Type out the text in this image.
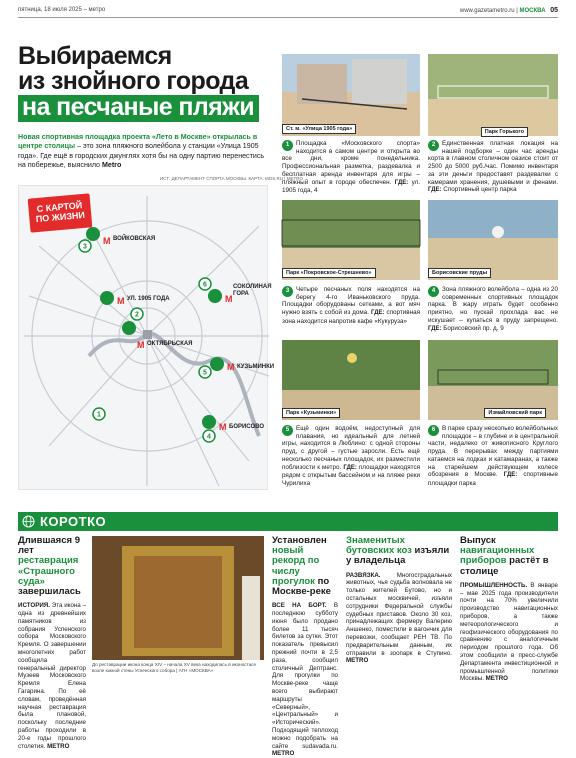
пятница, 18 июля 2025 – метро	www.gazetametro.ru | МОСКВА 05
Выбираемся
из знойного города
на песчаные пляжи
Новая спортивная площадка проекта «Лето в Москве» открылась в центре столицы – это зона пляжного волейбола у станции «Улица 1905 года». Где ещё в городских джунглях хотя бы на одну партию перенестись на побережье, выяснило Metro
ИСТ: ДЕПАРТАМЕНТ СПОРТА МОСКВЫ. КАРТА: MOS.RU | METRO
1
2
3
4
5
6
M
M
M
M
M
M
С КАРТОЙ ПО ЖИЗНИ
ВОЙКОВСКАЯ
УЛ. 1905 ГОДА
ОКТЯБРЬСКАЯ
СОКОЛИНАЯ ГОРА
КУЗЬМИНКИ
БОРИСОВО
Ст. м. «Улица 1905 года»
1	Площадка «Московского спорта» находится в самом центре и открыта во все дни, кроме понедельника. Профессиональная разметка, раздевалка и бесплатная аренда инвентаря для игры – пляжный опыт в городе обеспечен. ГДЕ: ул. 1905 года, 4
Парк Горького
2	Единственная платная локация на нашей подборке – один час аренды корта в главном столичном оазисе стоит от 2500 до 5000 руб./час. Помимо инвентаря за эти деньги предоставят раздевалки с камерами хранения, душевыми и фенами. ГДЕ: Спортивный центр парка
Парк «Покровское-Стрешнево»
3	Четыре песчаных поля находятся на берегу 4-го Иваньковского пруда. Площадки оборудованы сетками, а вот мяч нужно взять с собой из дома. ГДЕ: спортивная зона находится напротив кафе «Кукуруза»
Борисовские пруды
4	Зона пляжного волейбола – одна из 20 современных спортивных площадок парка. В жару играть будет особенно приятно, но пускай прохлада вас не искушает – купаться в пруду запрещено. ГДЕ: Борисовский пр. д. 9
Парк «Кузьминки»
5	Ещё один водоём, недоступный для плавания, но идеальный для летней игры, находится в Люблино: с одной стороны пруд, с другой – густые заросли. Есть ещё несколько песчаных площадок, их разместили поблизости к метро. ГДЕ: площадки находятся рядом с открытым бассейном и на пляже реки Чурилиха
Измайловский парк
6	В парке сразу несколько волейбольных площадок – в глубине и в центральной части, недалеко от живописного Круглого пруда. В перерывах между партиями катаемся на лодках и катамаранах, а также на старейшем действующем колесе обозрения в Москве. ГДЕ: спортивные площадки парка
КОРОТКО
Длившаяся 9 лет реставрация «Страшного суда» завершилась
ИСТОРИЯ. Эта икона – одна из древнейших памятников из собрания Успенского собора Московского Кремля. О завершении многолетних работ сообщила генеральный директор Музеев Московского Кремля Елена Гагарина. По её словам, проведённая научная реставрация была плановой, поскольку последние работы проходили в 20-е годы прошлого столетия. METRO
До реставрации икона конца XIV – начала XV века находилась в иконостасе возле южной стены Успенского собора | АГН «МОСКВА»
Установлен новый рекорд по числу прогулок по Москве-реке
ВСЕ НА БОРТ. В последнюю субботу июня было продано более 11 тысяч билетов за сутки. Этот показатель превысил прежний почти в 2,5 раза, сообщил столичный Дептранс. Для прогулки по Москве-реке чаще всего выбирают маршруты «Северный», «Центральный» и «Исторический». Подходящий теплоход можно подобрать на сайте sudavada.ru. METRO
Знаменитых бутовских коз изъяли у владельца
РАЗВЯЗКА. Многострадальных животных, чья судьба волновала не только жителей Бутово, но и остальных москвичей, изъяли сотрудники Федеральной службы судебных приставов. Около 30 коз, принадлежащих фермеру Валерию Аншенко, поместили в вагончик для перевозки, сообщает РЕН ТВ. По предварительным данным, их отправили в зоопарк в Ступино. METRO
Выпуск навигационных приборов растёт в столице
ПРОМЫШЛЕННОСТЬ. В январе – мае 2025 года производители почти на 70% увеличили производство навигационных приборов, а также метеорологического и геофизического оборудования по сравнению с аналогичным периодом прошлого года. Об этом сообщили в пресс-службе Департамента инвестиционной и промышленной политики Москвы. METRO
